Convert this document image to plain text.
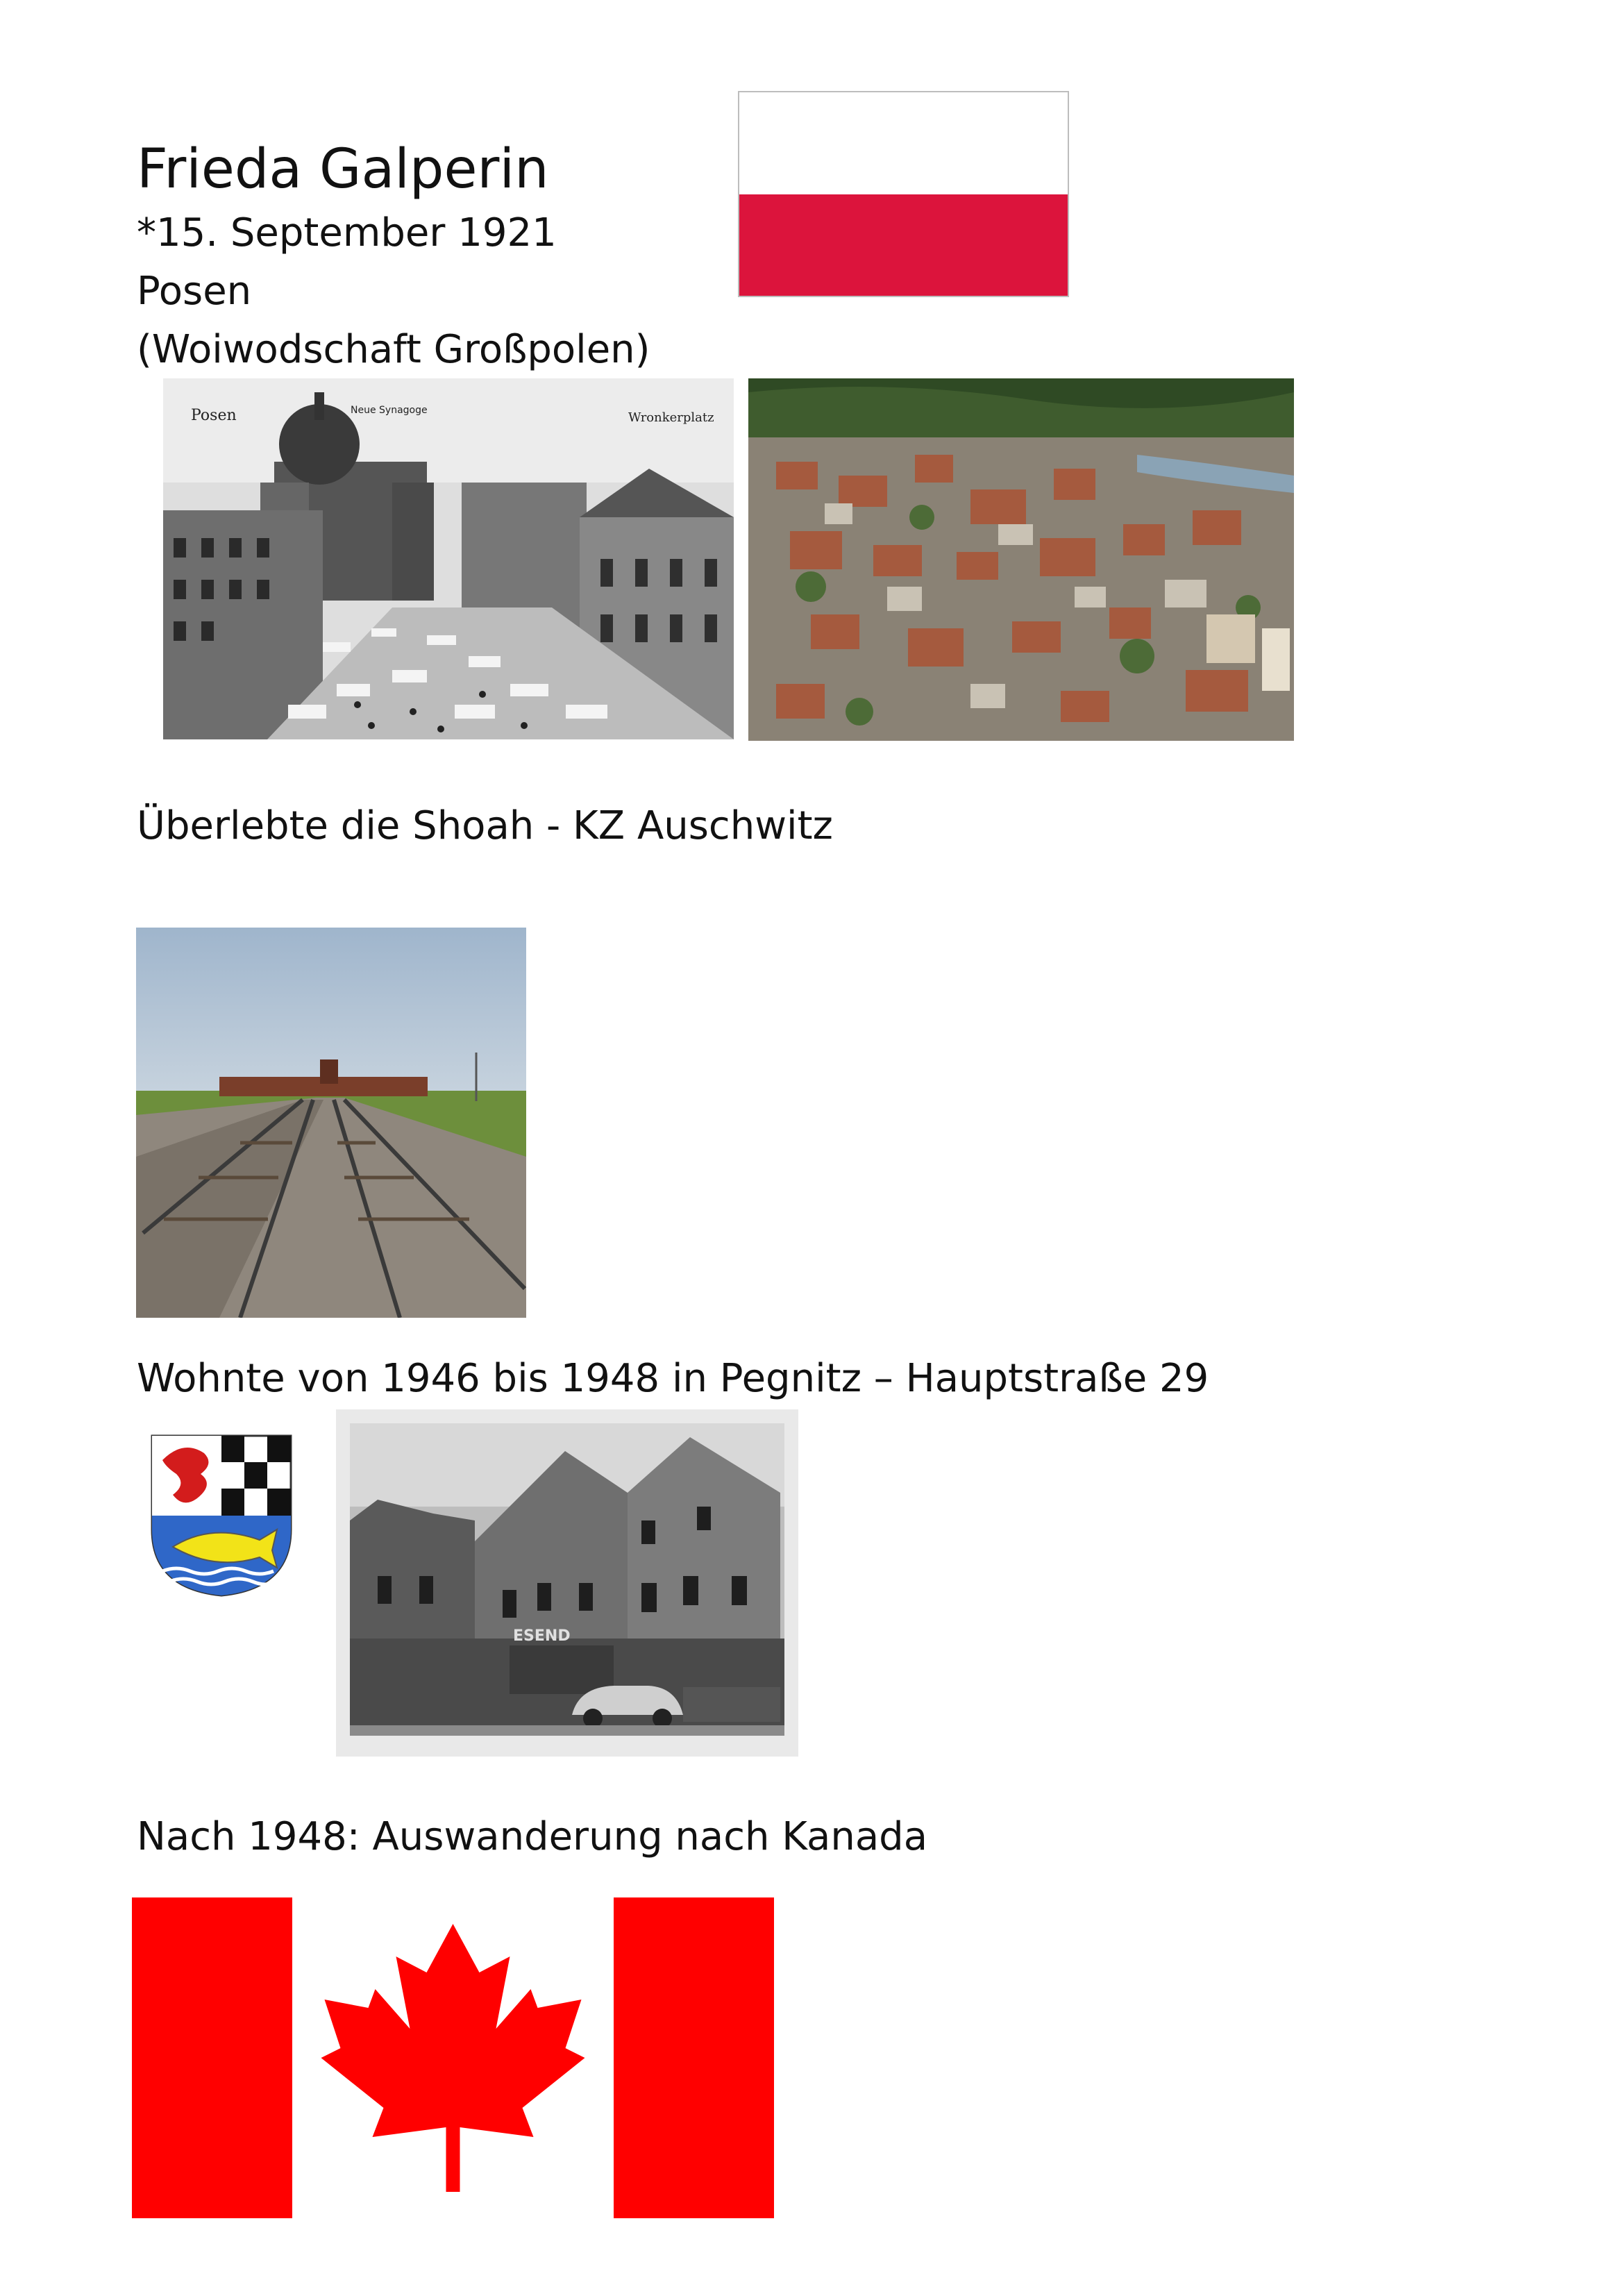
Frieda Galperin
*15. September 1921
Posen
(Woiwodschaft Großpolen)
Posen	Neue Synagoge	Wronkerplatz
Überlebte die Shoah - KZ Auschwitz
Wohnte von 1946 bis 1948 in Pegnitz – Hauptstraße 29
ESEND
Nach 1948: Auswanderung nach Kanada
